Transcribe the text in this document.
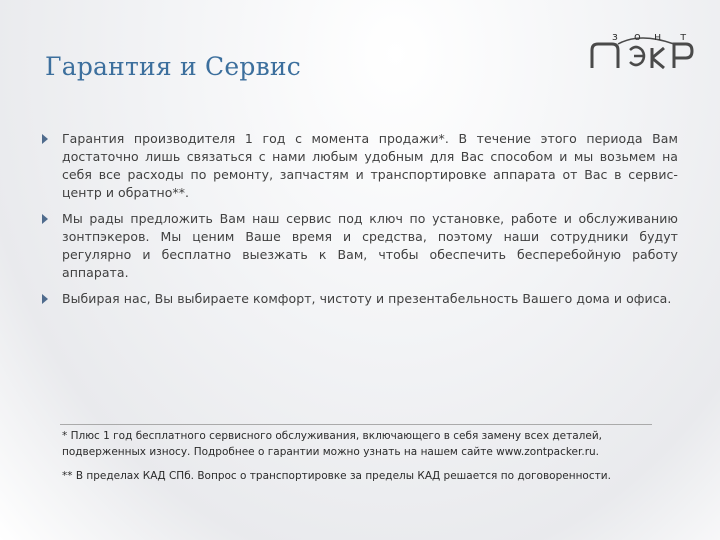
Гарантия и Сервис
з о н т
Гарантия производителя 1 год с момента продажи*. В течение этого периода Вам достаточно лишь связаться с нами любым удобным для Вас способом и мы возьмем на себя все расходы по ремонту, запчастям и транспортировке аппарата от Вас в сервис-центр и обратно**.
Мы рады предложить Вам наш сервис под ключ по установке, работе и обслуживанию зонтпэкеров. Мы ценим Ваше время и средства, поэтому наши сотрудники будут регулярно и бесплатно выезжать к Вам, чтобы обеспечить бесперебойную работу аппарата.
Выбирая нас, Вы выбираете комфорт, чистоту и презентабельность Вашего дома и офиса.
* Плюс 1 год бесплатного сервисного обслуживания, включающего в себя замену всех деталей, подверженных износу. Подробнее о гарантии можно узнать на нашем сайте www.zontpacker.ru.
** В пределах КАД СПб. Вопрос о транспортировке за пределы КАД решается по договоренности.
